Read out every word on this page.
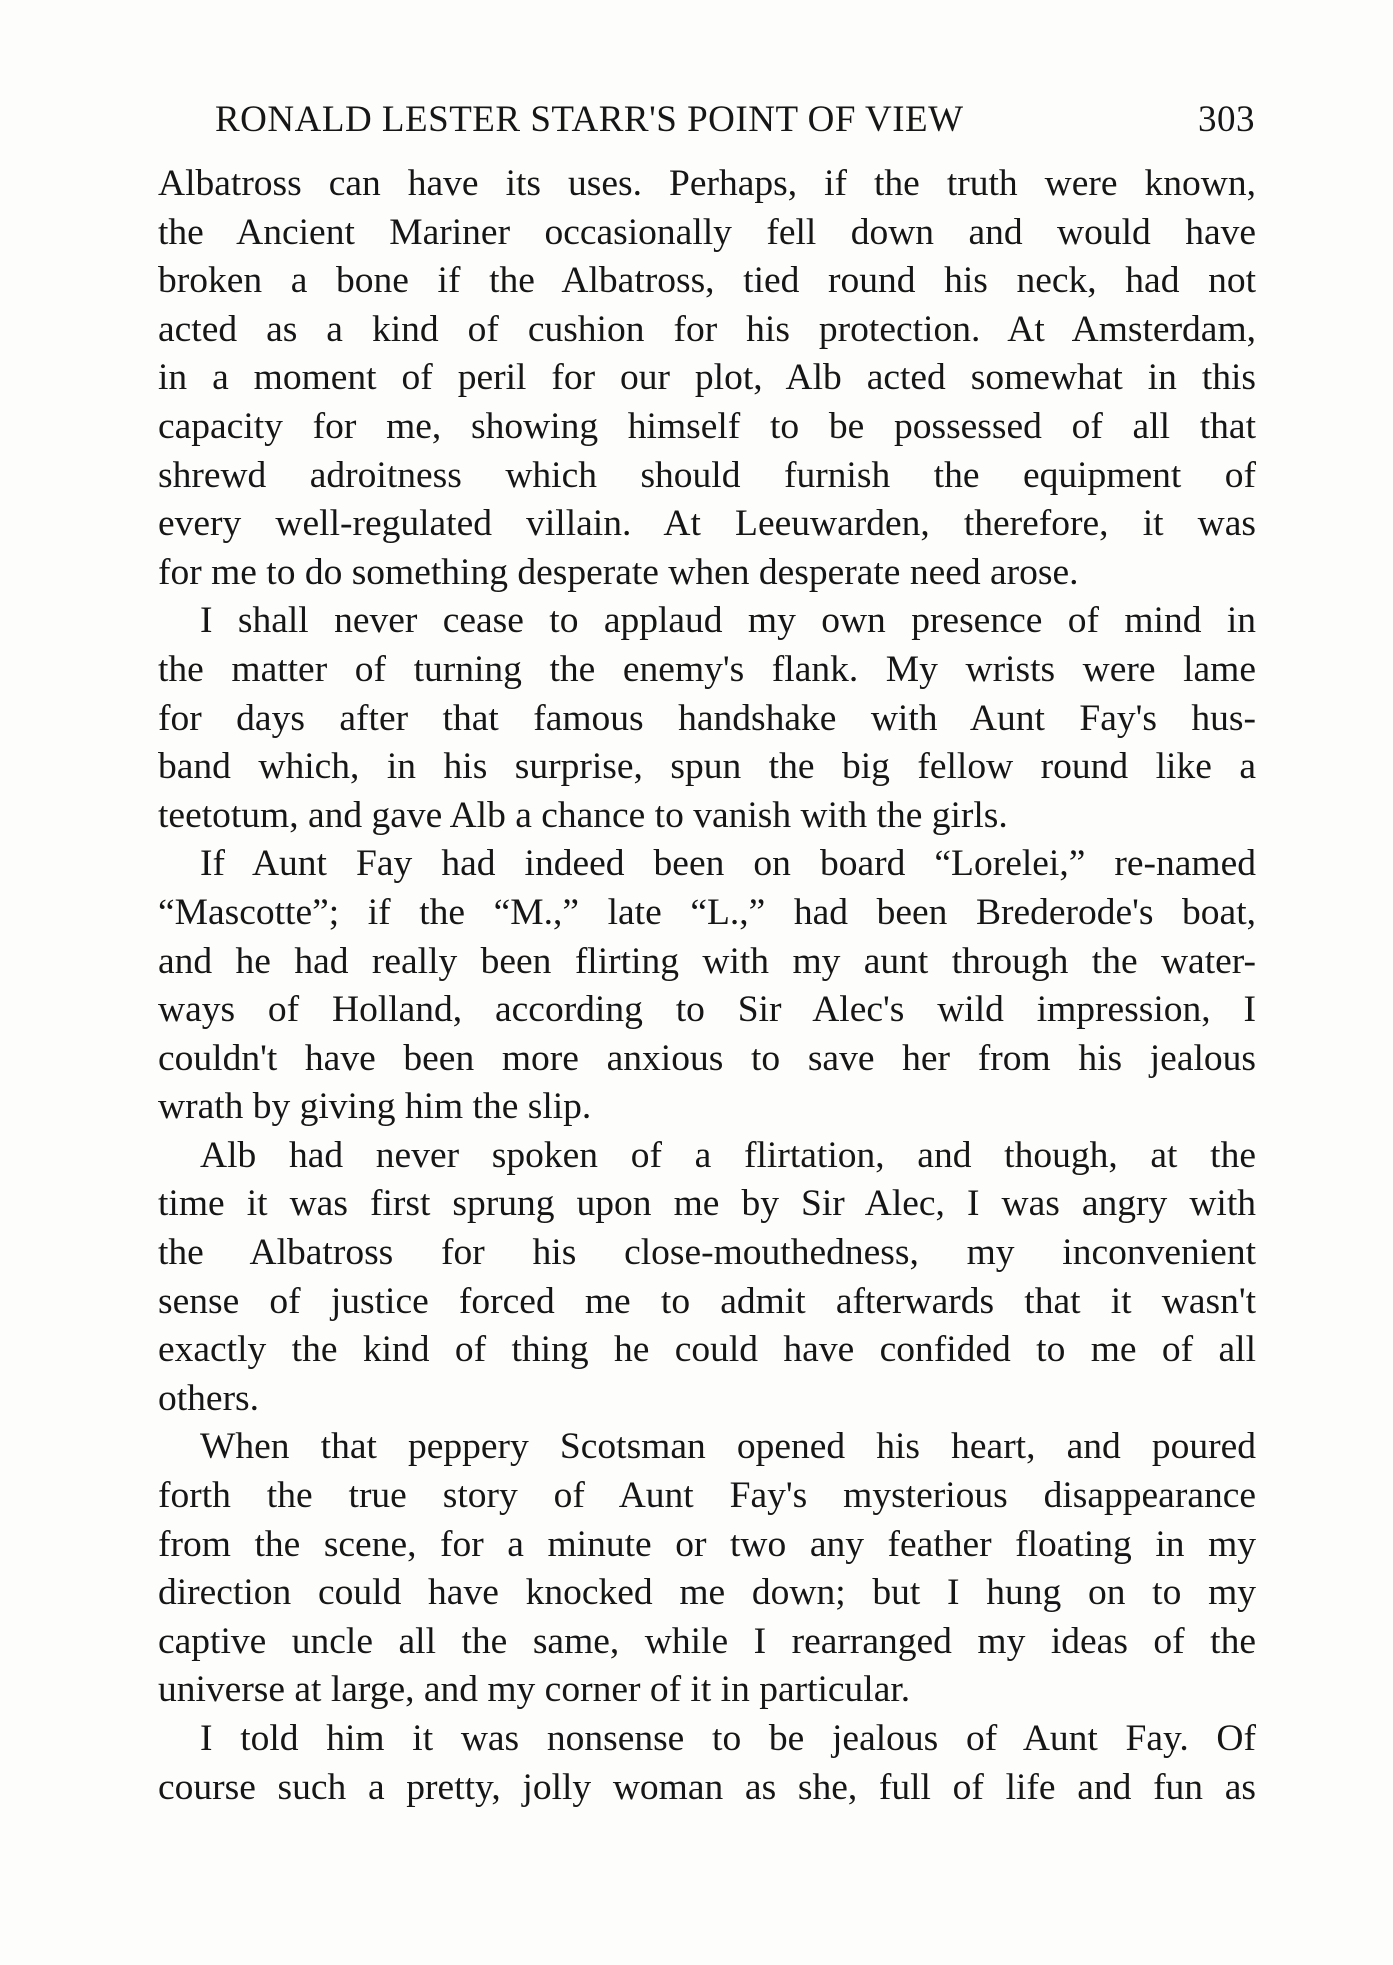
RONALD LESTER STARR'S POINT OF VIEW	303

Albatross can have its uses. Perhaps, if the truth were known,
the Ancient Mariner occasionally fell down and would have
broken a bone if the Albatross, tied round his neck, had not
acted as a kind of cushion for his protection. At Amsterdam,
in a moment of peril for our plot, Alb acted somewhat in this
capacity for me, showing himself to be possessed of all that
shrewd adroitness which should furnish the equipment of
every well-regulated villain. At Leeuwarden, therefore, it was
for me to do something desperate when desperate need arose.

I shall never cease to applaud my own presence of mind in
the matter of turning the enemy's flank. My wrists were lame
for days after that famous handshake with Aunt Fay's hus-
band which, in his surprise, spun the big fellow round like a
teetotum, and gave Alb a chance to vanish with the girls.

If Aunt Fay had indeed been on board “Lorelei,” re-named
“Mascotte”; if the “M.,” late “L.,” had been Brederode's boat,
and he had really been flirting with my aunt through the water-
ways of Holland, according to Sir Alec's wild impression, I
couldn't have been more anxious to save her from his jealous
wrath by giving him the slip.

Alb had never spoken of a flirtation, and though, at the
time it was first sprung upon me by Sir Alec, I was angry with
the Albatross for his close-mouthedness, my inconvenient
sense of justice forced me to admit afterwards that it wasn't
exactly the kind of thing he could have confided to me of all
others.

When that peppery Scotsman opened his heart, and poured
forth the true story of Aunt Fay's mysterious disappearance
from the scene, for a minute or two any feather floating in my
direction could have knocked me down; but I hung on to my
captive uncle all the same, while I rearranged my ideas of the
universe at large, and my corner of it in particular.

I told him it was nonsense to be jealous of Aunt Fay. Of
course such a pretty, jolly woman as she, full of life and fun as
